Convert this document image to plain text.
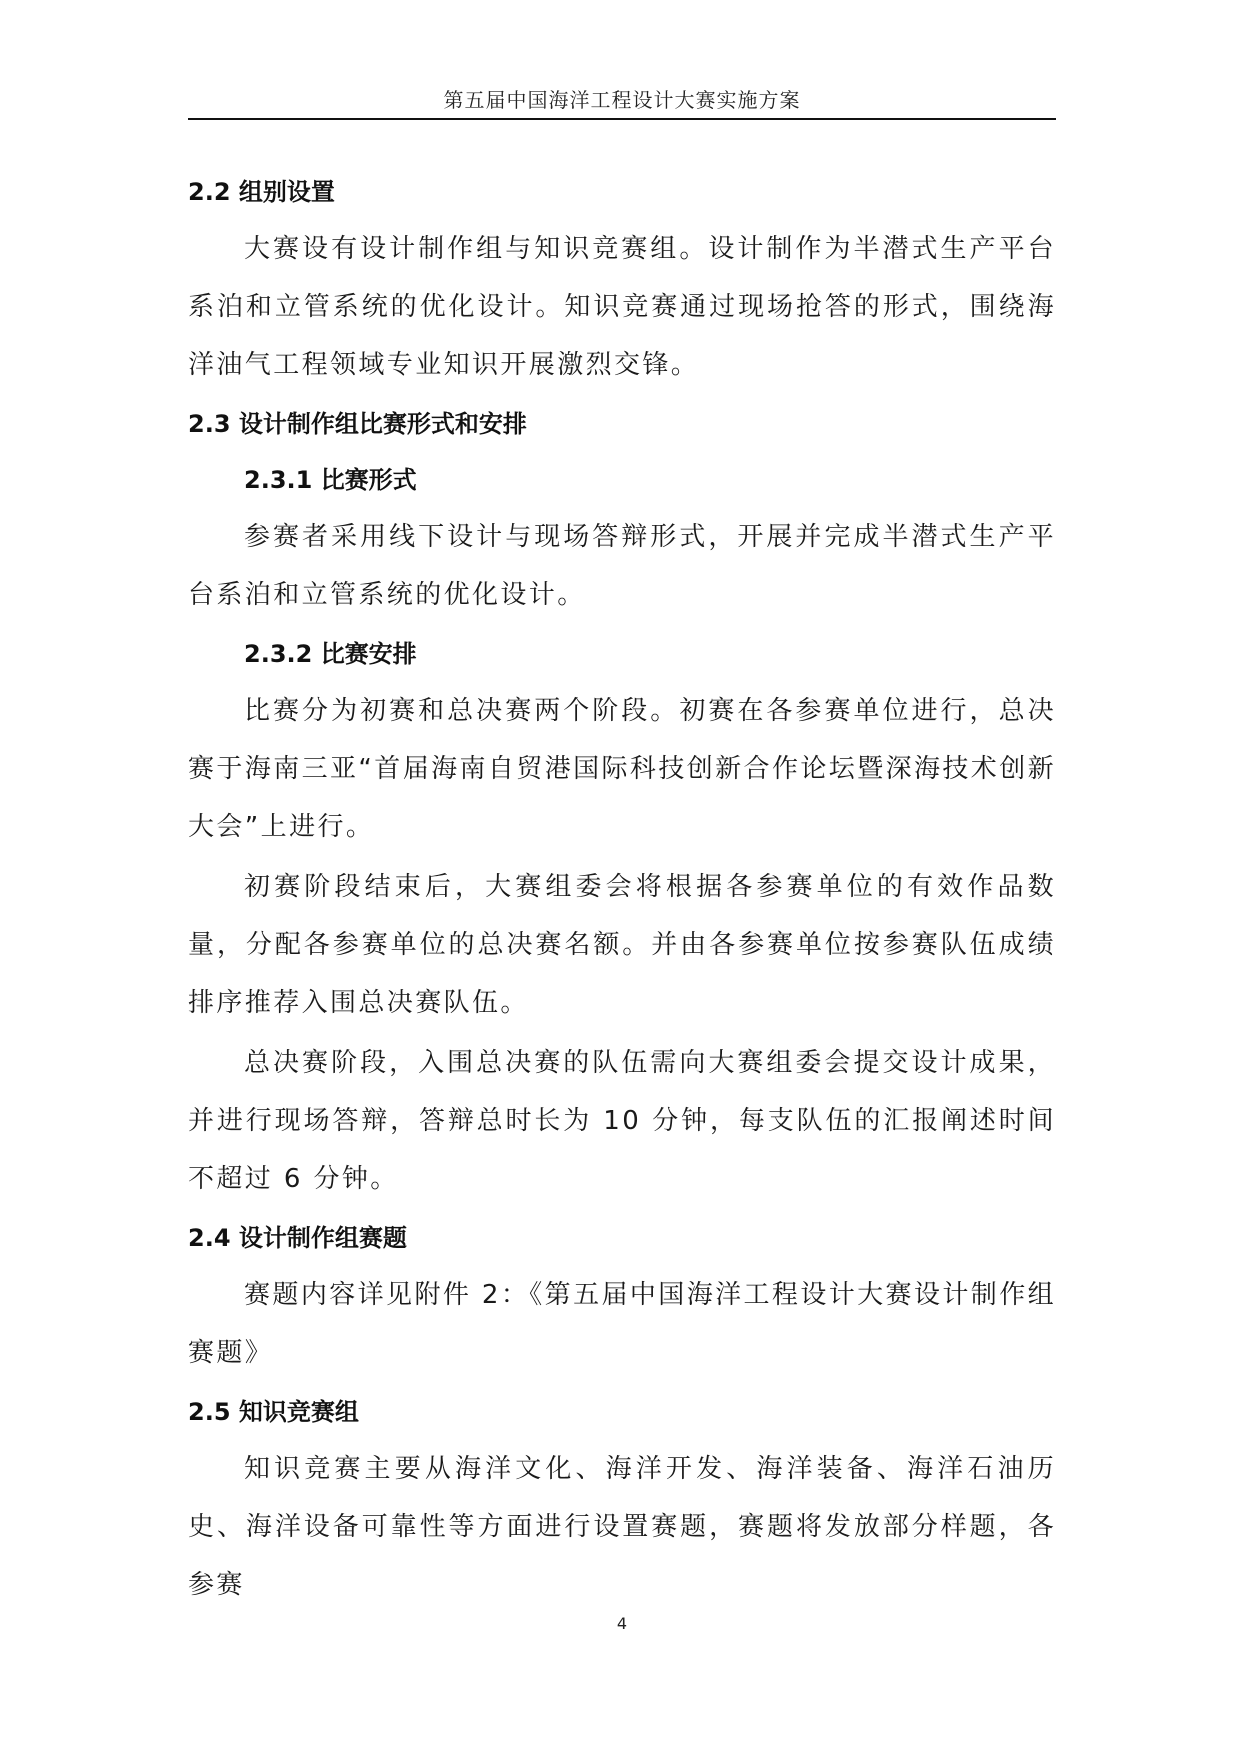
第五届中国海洋工程设计大赛实施方案
2.2 组别设置

大赛设有设计制作组与知识竞赛组。设计制作为半潜式生产平台系泊和立管系统的优化设计。知识竞赛通过现场抢答的形式，围绕海洋油气工程领域专业知识开展激烈交锋。

2.3 设计制作组比赛形式和安排
2.3.1 比赛形式

参赛者采用线下设计与现场答辩形式，开展并完成半潜式生产平台系泊和立管系统的优化设计。

2.3.2 比赛安排

比赛分为初赛和总决赛两个阶段。初赛在各参赛单位进行，总决赛于海南三亚“首届海南自贸港国际科技创新合作论坛暨深海技术创新大会”上进行。

初赛阶段结束后，大赛组委会将根据各参赛单位的有效作品数量，分配各参赛单位的总决赛名额。并由各参赛单位按参赛队伍成绩排序推荐入围总决赛队伍。

总决赛阶段，入围总决赛的队伍需向大赛组委会提交设计成果，并进行现场答辩，答辩总时长为 10 分钟，每支队伍的汇报阐述时间不超过 6 分钟。

2.4 设计制作组赛题

赛题内容详见附件 2：《第五届中国海洋工程设计大赛设计制作组赛题》

2.5 知识竞赛组

知识竞赛主要从海洋文化、海洋开发、海洋装备、海洋石油历史、海洋设备可靠性等方面进行设置赛题，赛题将发放部分样题，各参赛

4
